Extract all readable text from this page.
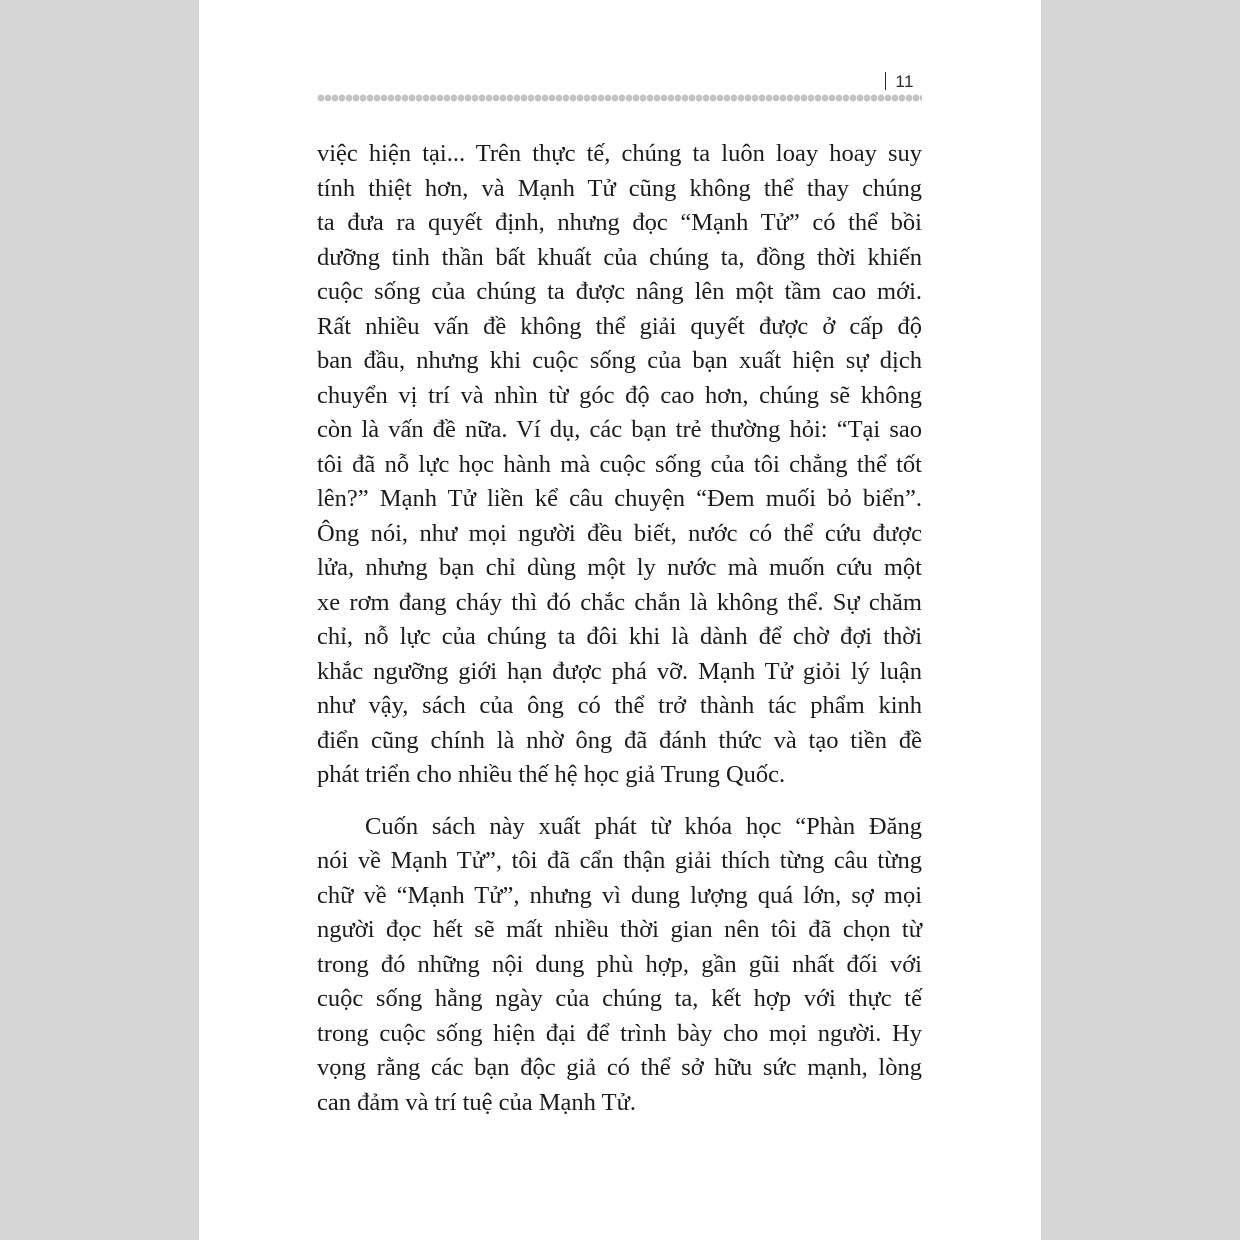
11

việc hiện tại... Trên thực tế, chúng ta luôn loay hoay suy
tính thiệt hơn, và Mạnh Tử cũng không thể thay chúng
ta đưa ra quyết định, nhưng đọc “Mạnh Tử” có thể bồi
dưỡng tinh thần bất khuất của chúng ta, đồng thời khiến
cuộc sống của chúng ta được nâng lên một tầm cao mới.
Rất nhiều vấn đề không thể giải quyết được ở cấp độ
ban đầu, nhưng khi cuộc sống của bạn xuất hiện sự dịch
chuyển vị trí và nhìn từ góc độ cao hơn, chúng sẽ không
còn là vấn đề nữa. Ví dụ, các bạn trẻ thường hỏi: “Tại sao
tôi đã nỗ lực học hành mà cuộc sống của tôi chẳng thể tốt
lên?” Mạnh Tử liền kể câu chuyện “Đem muối bỏ biển”.
Ông nói, như mọi người đều biết, nước có thể cứu được
lửa, nhưng bạn chỉ dùng một ly nước mà muốn cứu một
xe rơm đang cháy thì đó chắc chắn là không thể. Sự chăm
chỉ, nỗ lực của chúng ta đôi khi là dành để chờ đợi thời
khắc ngưỡng giới hạn được phá vỡ. Mạnh Tử giỏi lý luận
như vậy, sách của ông có thể trở thành tác phẩm kinh
điển cũng chính là nhờ ông đã đánh thức và tạo tiền đề
phát triển cho nhiều thế hệ học giả Trung Quốc.

Cuốn sách này xuất phát từ khóa học “Phàn Đăng
nói về Mạnh Tử”, tôi đã cẩn thận giải thích từng câu từng
chữ về “Mạnh Tử”, nhưng vì dung lượng quá lớn, sợ mọi
người đọc hết sẽ mất nhiều thời gian nên tôi đã chọn từ
trong đó những nội dung phù hợp, gần gũi nhất đối với
cuộc sống hằng ngày của chúng ta, kết hợp với thực tế
trong cuộc sống hiện đại để trình bày cho mọi người. Hy
vọng rằng các bạn độc giả có thể sở hữu sức mạnh, lòng
can đảm và trí tuệ của Mạnh Tử.
